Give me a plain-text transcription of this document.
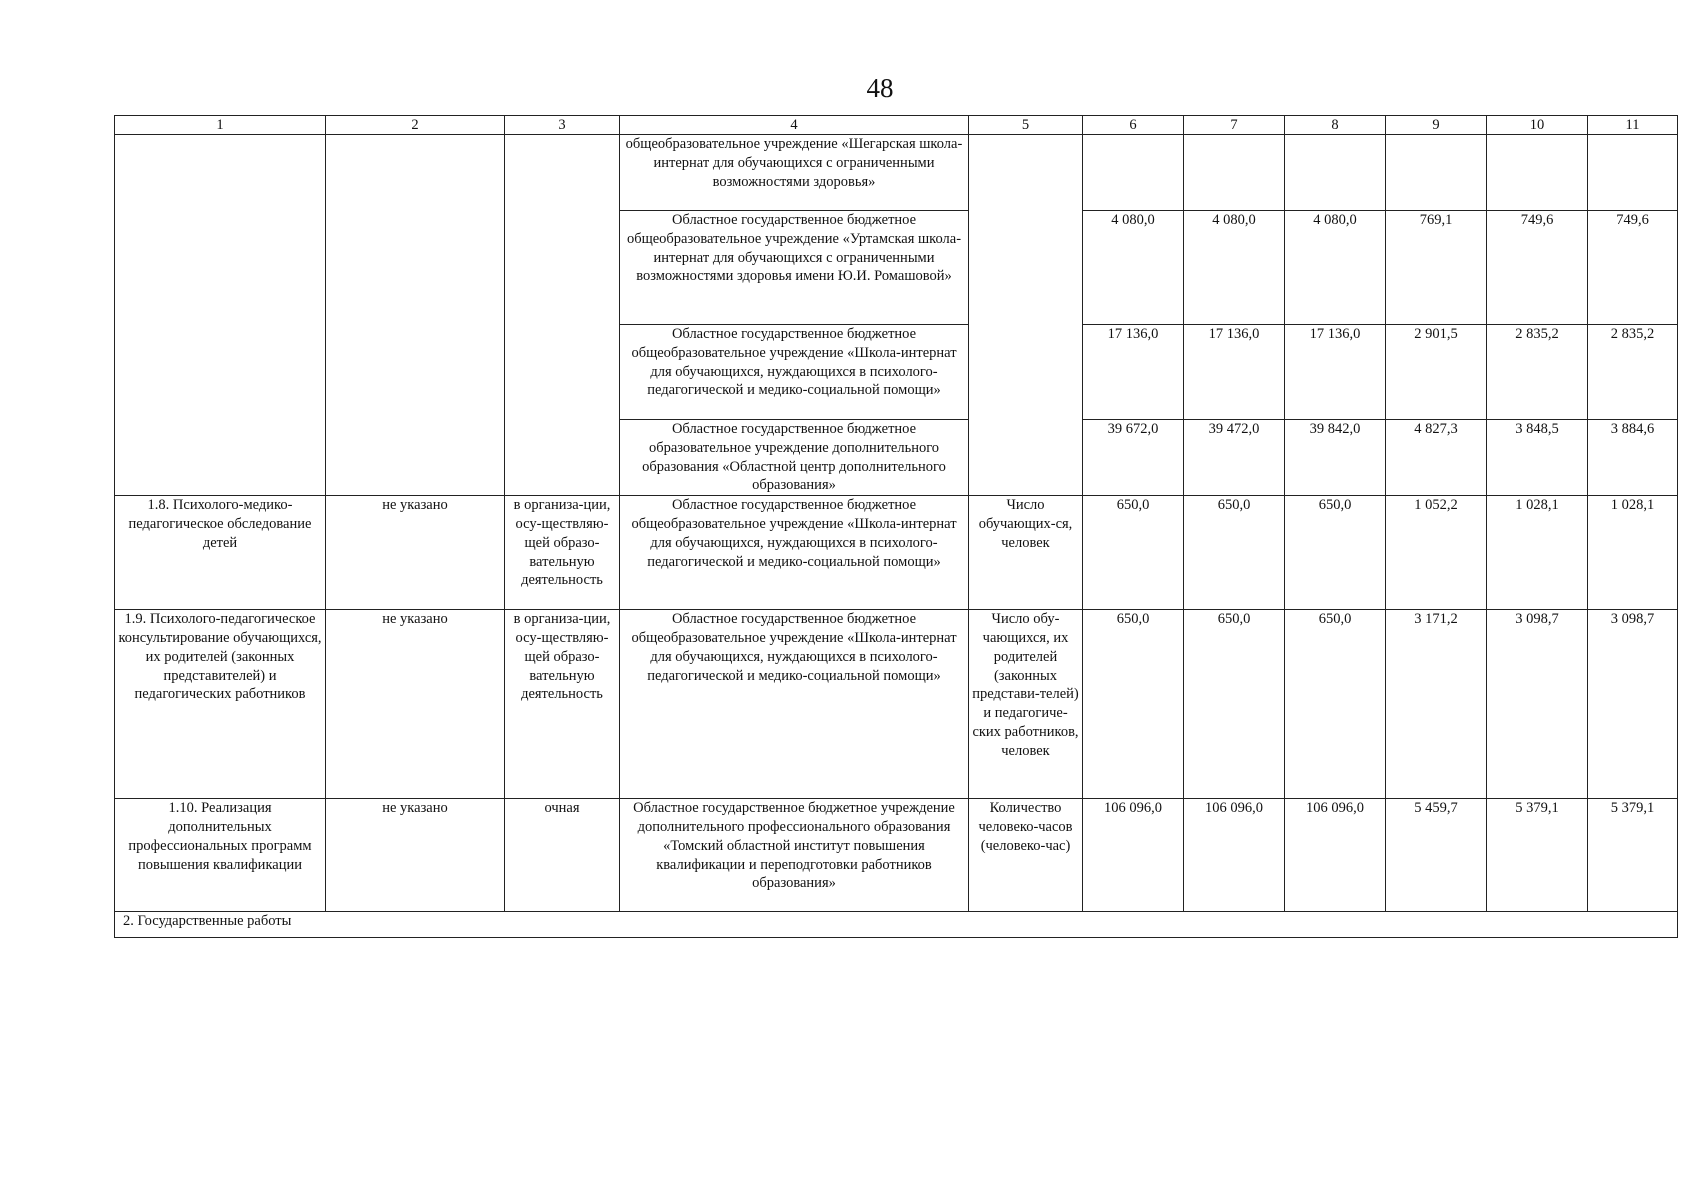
48
1	2	3	4	5	6	7	8	9	10	11
			общеобразовательное учреждение «Шегарская школа-интернат для обучающихся с ограниченными возможностями здоровья»							
			Областное государственное бюджетное общеобразовательное учреждение «Уртамская школа-интернат для обучающихся с ограниченными возможностями здоровья имени Ю.И. Ромашовой»		4 080,0	4 080,0	4 080,0	769,1	749,6	749,6
			Областное государственное бюджетное общеобразовательное учреждение «Школа-интернат для обучающихся, нуждающихся в психолого-педагогической и медико-социальной помощи»		17 136,0	17 136,0	17 136,0	2 901,5	2 835,2	2 835,2
			Областное государственное бюджетное образовательное учреждение дополнительного образования «Областной центр дополнительного образования»		39 672,0	39 472,0	39 842,0	4 827,3	3 848,5	3 884,6
1.8. Психолого-медико-педагогическое обследование детей	не указано	в организа-ции, осу-ществляю-щей образо-вательную деятельность	Областное государственное бюджетное общеобразовательное учреждение «Школа-интернат для обучающихся, нуждающихся в психолого-педагогической и медико-социальной помощи»	Число обучающих-ся, человек	650,0	650,0	650,0	1 052,2	1 028,1	1 028,1
1.9. Психолого-педагогическое консультирование обучающихся, их родителей (законных представителей) и педагогических работников	не указано	в организа-ции, осу-ществляю-щей образо-вательную деятельность	Областное государственное бюджетное общеобразовательное учреждение «Школа-интернат для обучающихся, нуждающихся в психолого-педагогической и медико-социальной помощи»	Число обу-чающихся, их родителей (законных представи-телей) и педагогиче-ских работников, человек	650,0	650,0	650,0	3 171,2	3 098,7	3 098,7
1.10. Реализация дополнительных профессиональных программ повышения квалификации	не указано	очная	Областное государственное бюджетное учреждение дополнительного профессионального образования «Томский областной институт повышения квалификации и переподготовки работников образования»	Количество человеко-часов (человеко-час)	106 096,0	106 096,0	106 096,0	5 459,7	5 379,1	5 379,1
2. Государственные работы										
